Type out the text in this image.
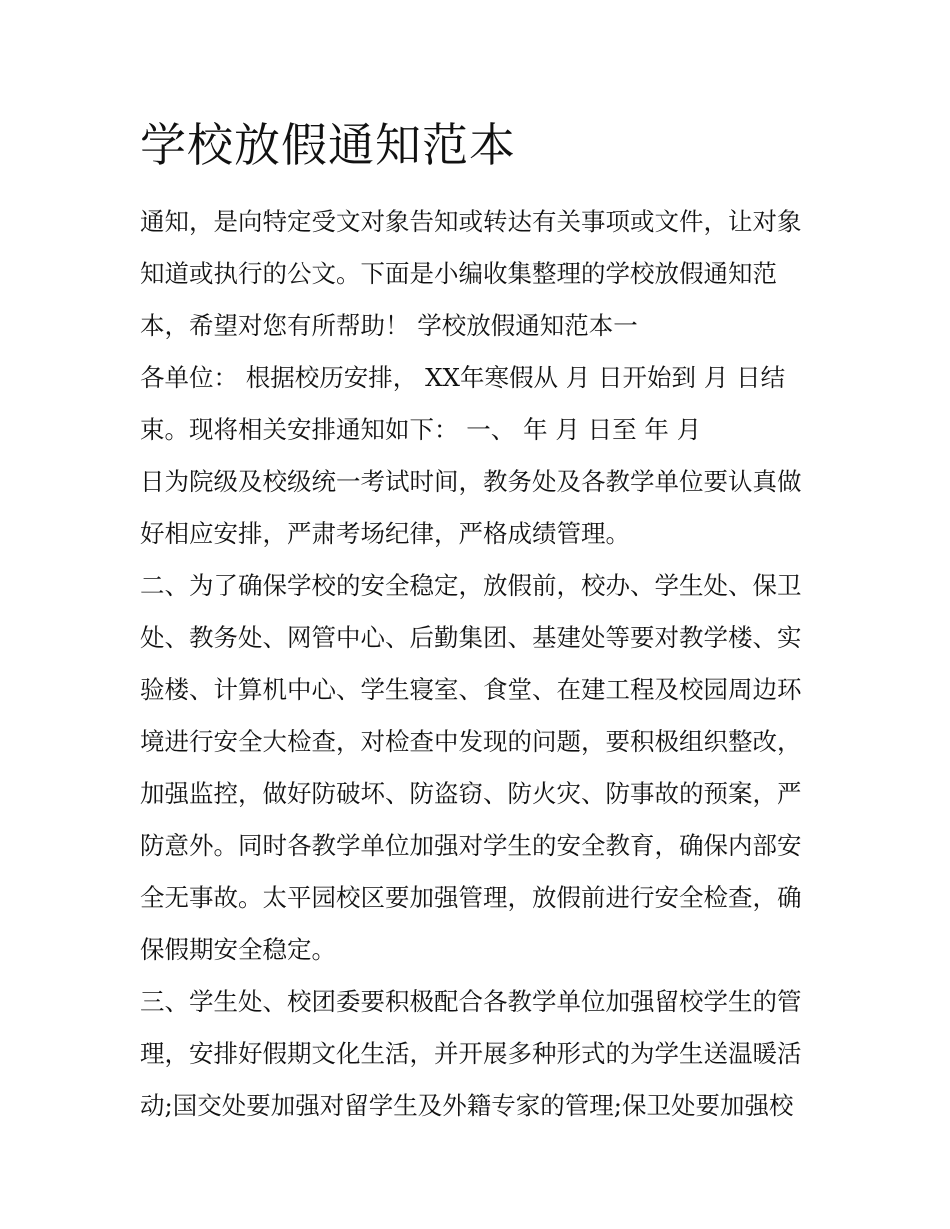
学校放假通知范本
通知，是向特定受文对象告知或转达有关事项或文件，让对象
知道或执行的公文。下面是小编收集整理的学校放假通知范
本，希望对您有所帮助！ 学校放假通知范本一
各单位： 根据校历安排， XX年寒假从 月 日开始到 月 日结
束。现将相关安排通知如下： 一、 年 月 日至 年 月
日为院级及校级统一考试时间，教务处及各教学单位要认真做
好相应安排，严肃考场纪律，严格成绩管理。
二、为了确保学校的安全稳定，放假前，校办、学生处、保卫
处、教务处、网管中心、后勤集团、基建处等要对教学楼、实
验楼、计算机中心、学生寝室、食堂、在建工程及校园周边环
境进行安全大检查，对检查中发现的问题，要积极组织整改，
加强监控，做好防破坏、防盗窃、防火灾、防事故的预案，严
防意外。同时各教学单位加强对学生的安全教育，确保内部安
全无事故。太平园校区要加强管理，放假前进行安全检查，确
保假期安全稳定。
三、学生处、校团委要积极配合各教学单位加强留校学生的管
理，安排好假期文化生活，并开展多种形式的为学生送温暖活
动;国交处要加强对留学生及外籍专家的管理;保卫处要加强校
